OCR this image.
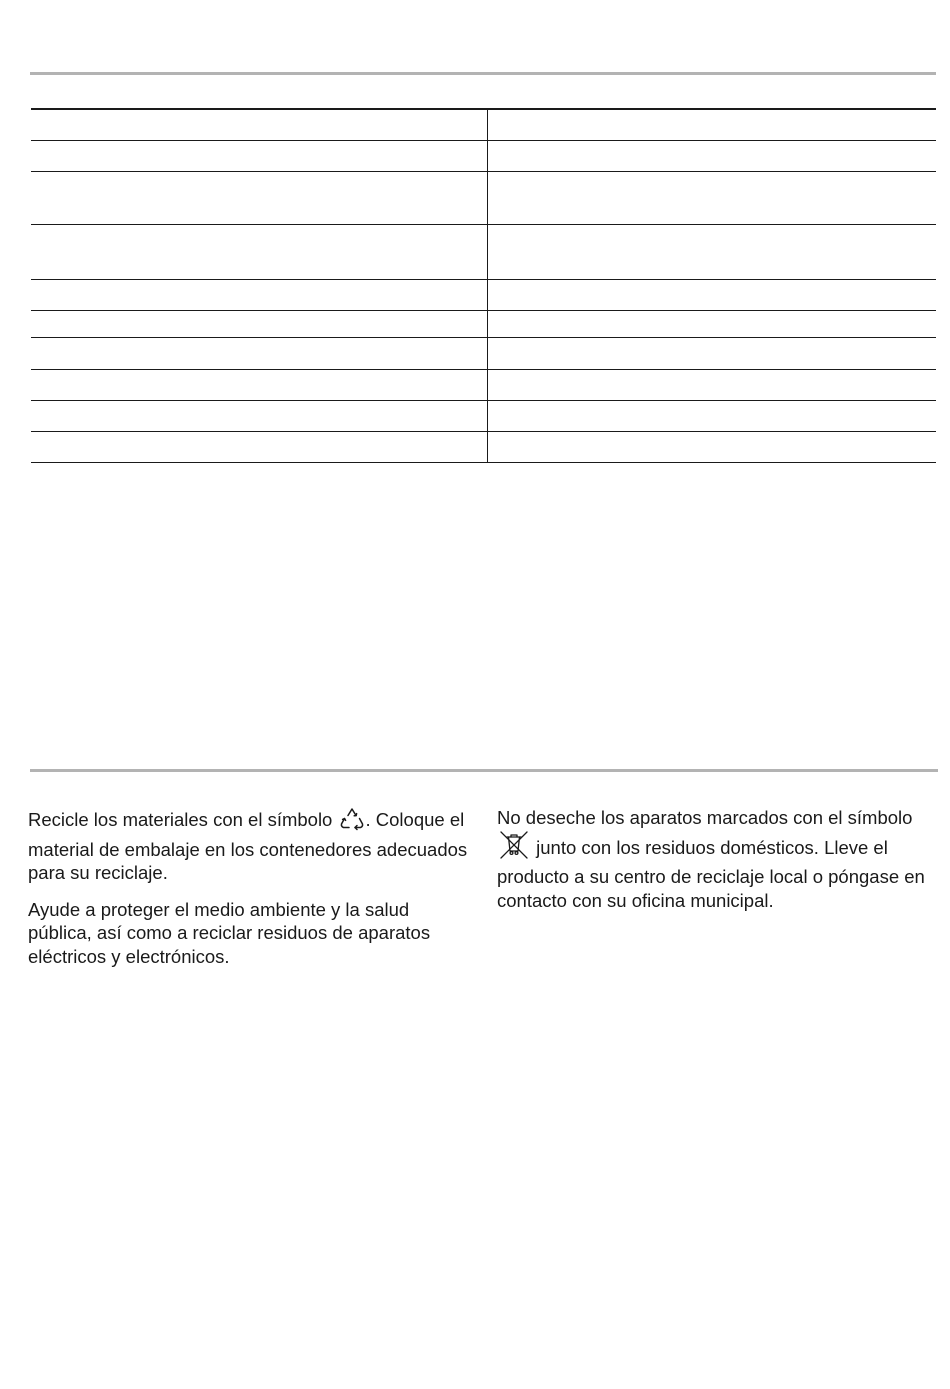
Recicle los materiales con el símbolo . Coloque el material de embalaje en los contenedores adecuados para su reciclaje.

Ayude a proteger el medio ambiente y la salud pública, así como a reciclar residuos de aparatos eléctricos y electrónicos.

No deseche los aparatos marcados con el símbolo  junto con los residuos domésticos. Lleve el producto a su centro de reciclaje local o póngase en contacto con su oficina municipal.
